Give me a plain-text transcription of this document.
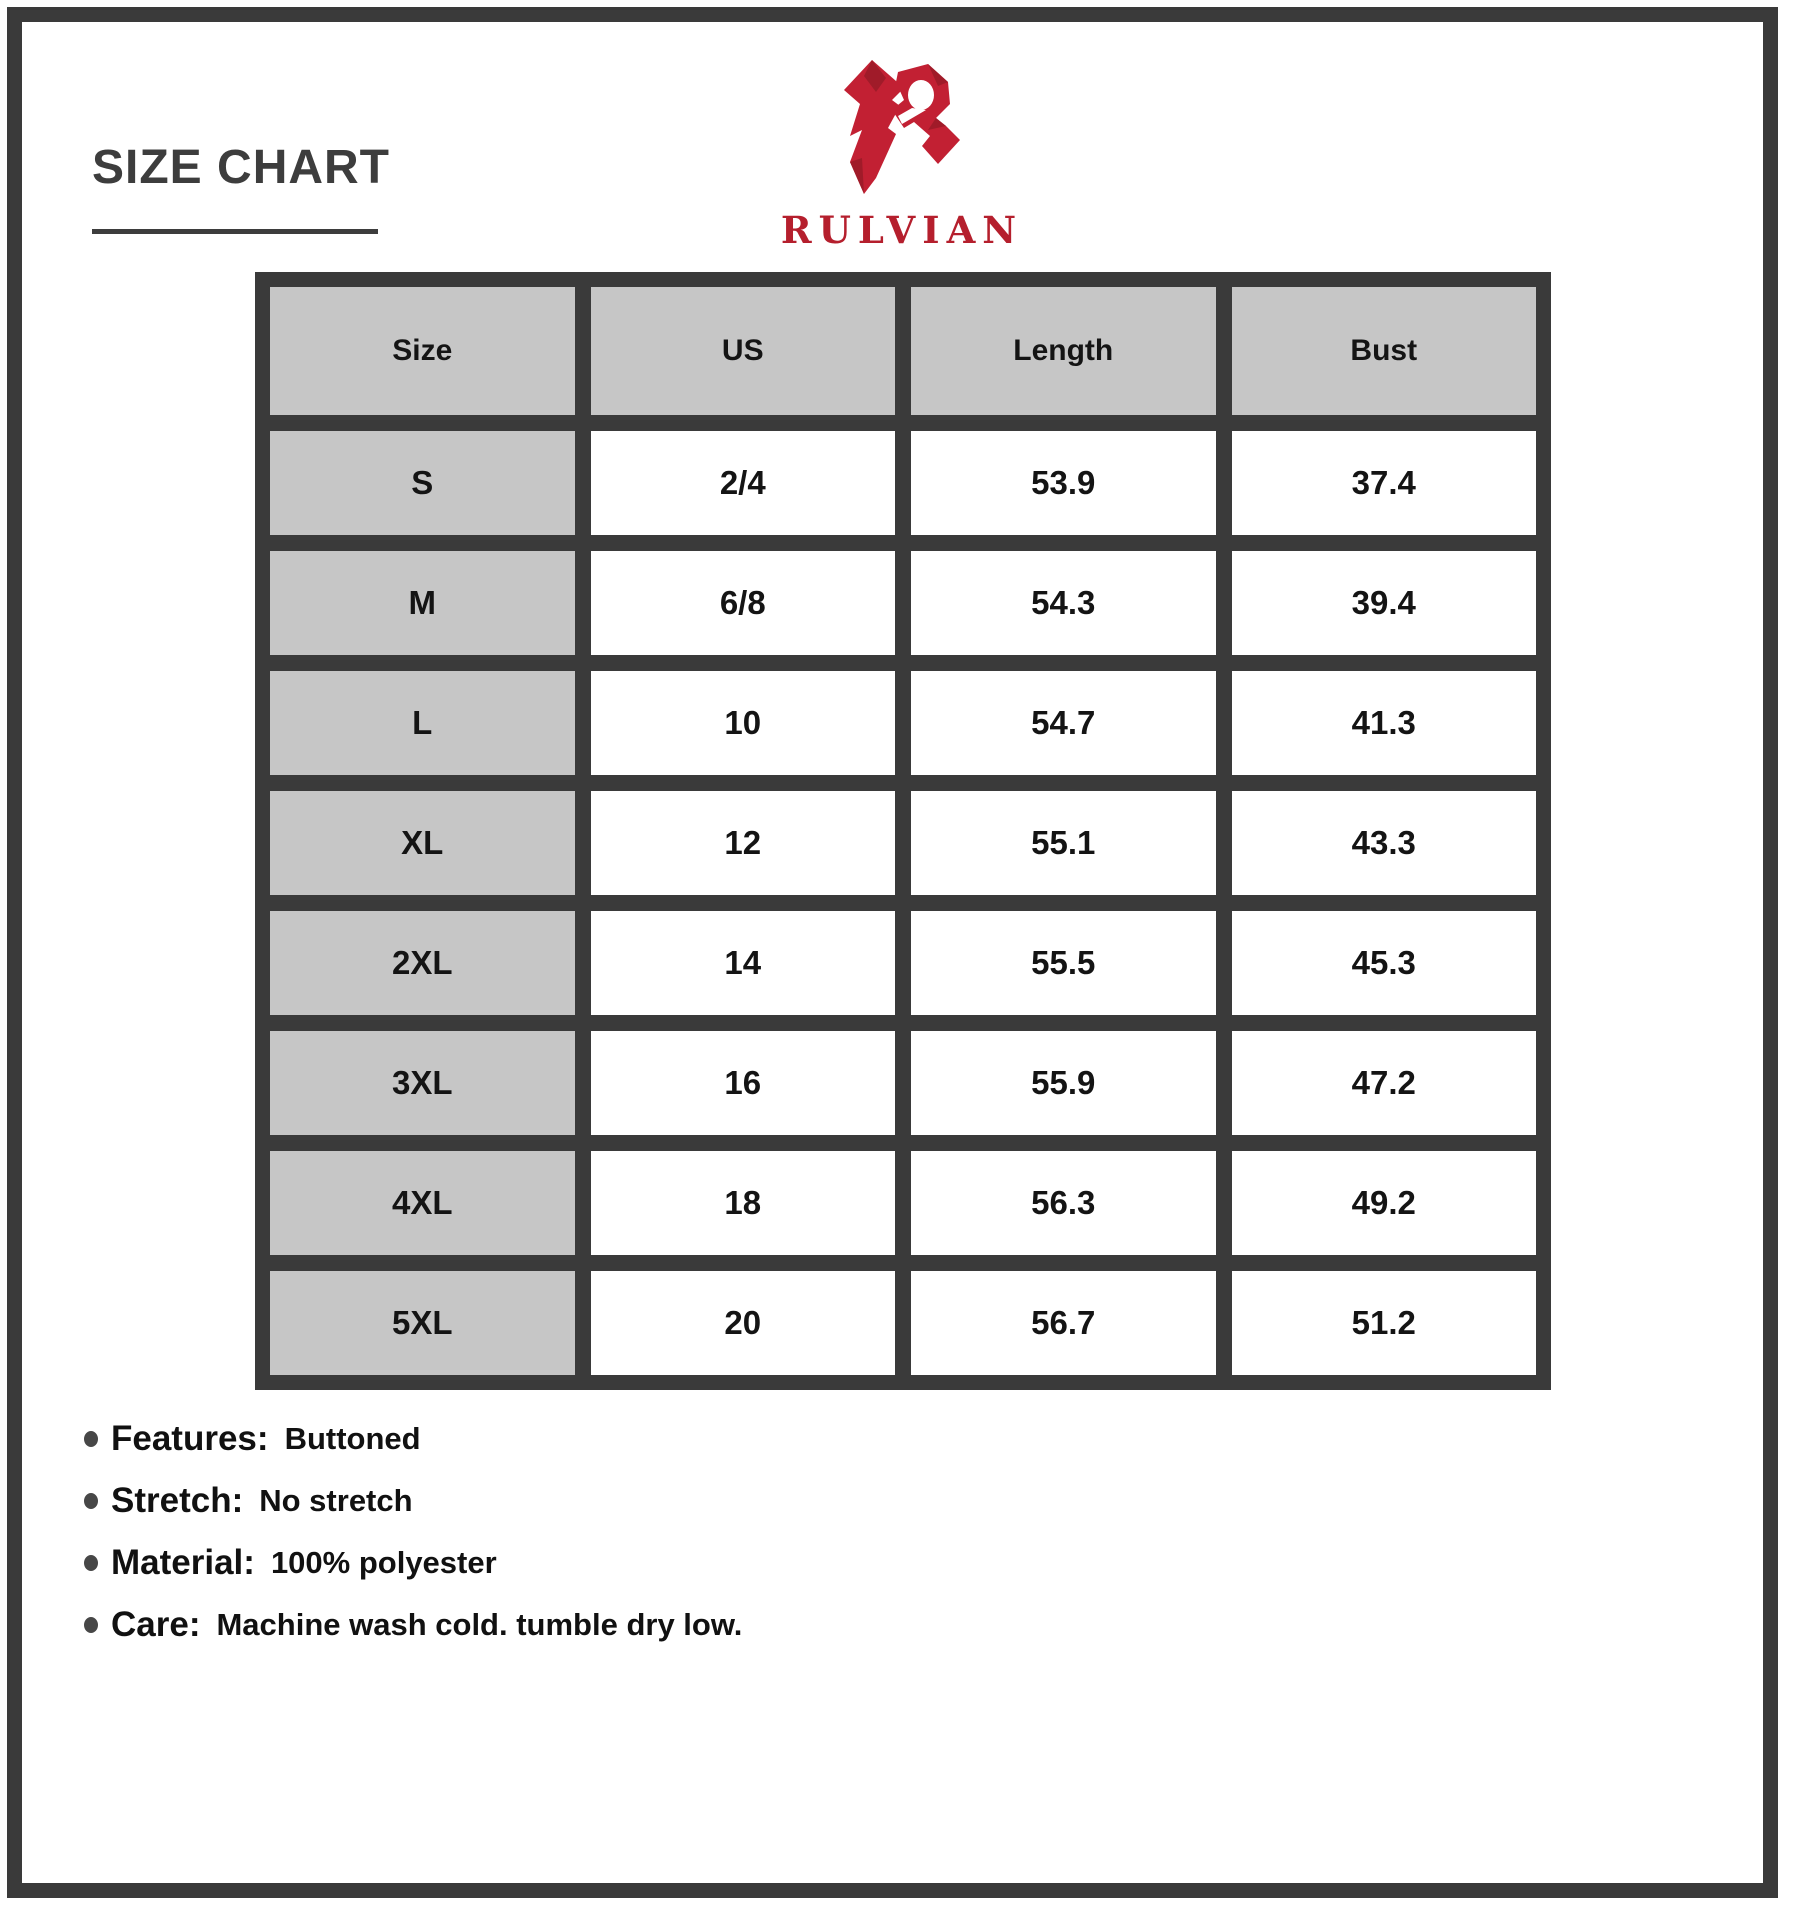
SIZE CHART
RULVIAN
Size	US	Length	Bust
S	2/4	53.9	37.4
M	6/8	54.3	39.4
L	10	54.7	41.3
XL	12	55.1	43.3
2XL	14	55.5	45.3
3XL	16	55.9	47.2
4XL	18	56.3	49.2
5XL	20	56.7	51.2
Features: Buttoned
Stretch: No stretch
Material: 100% polyester
Care: Machine wash cold. tumble dry low.
